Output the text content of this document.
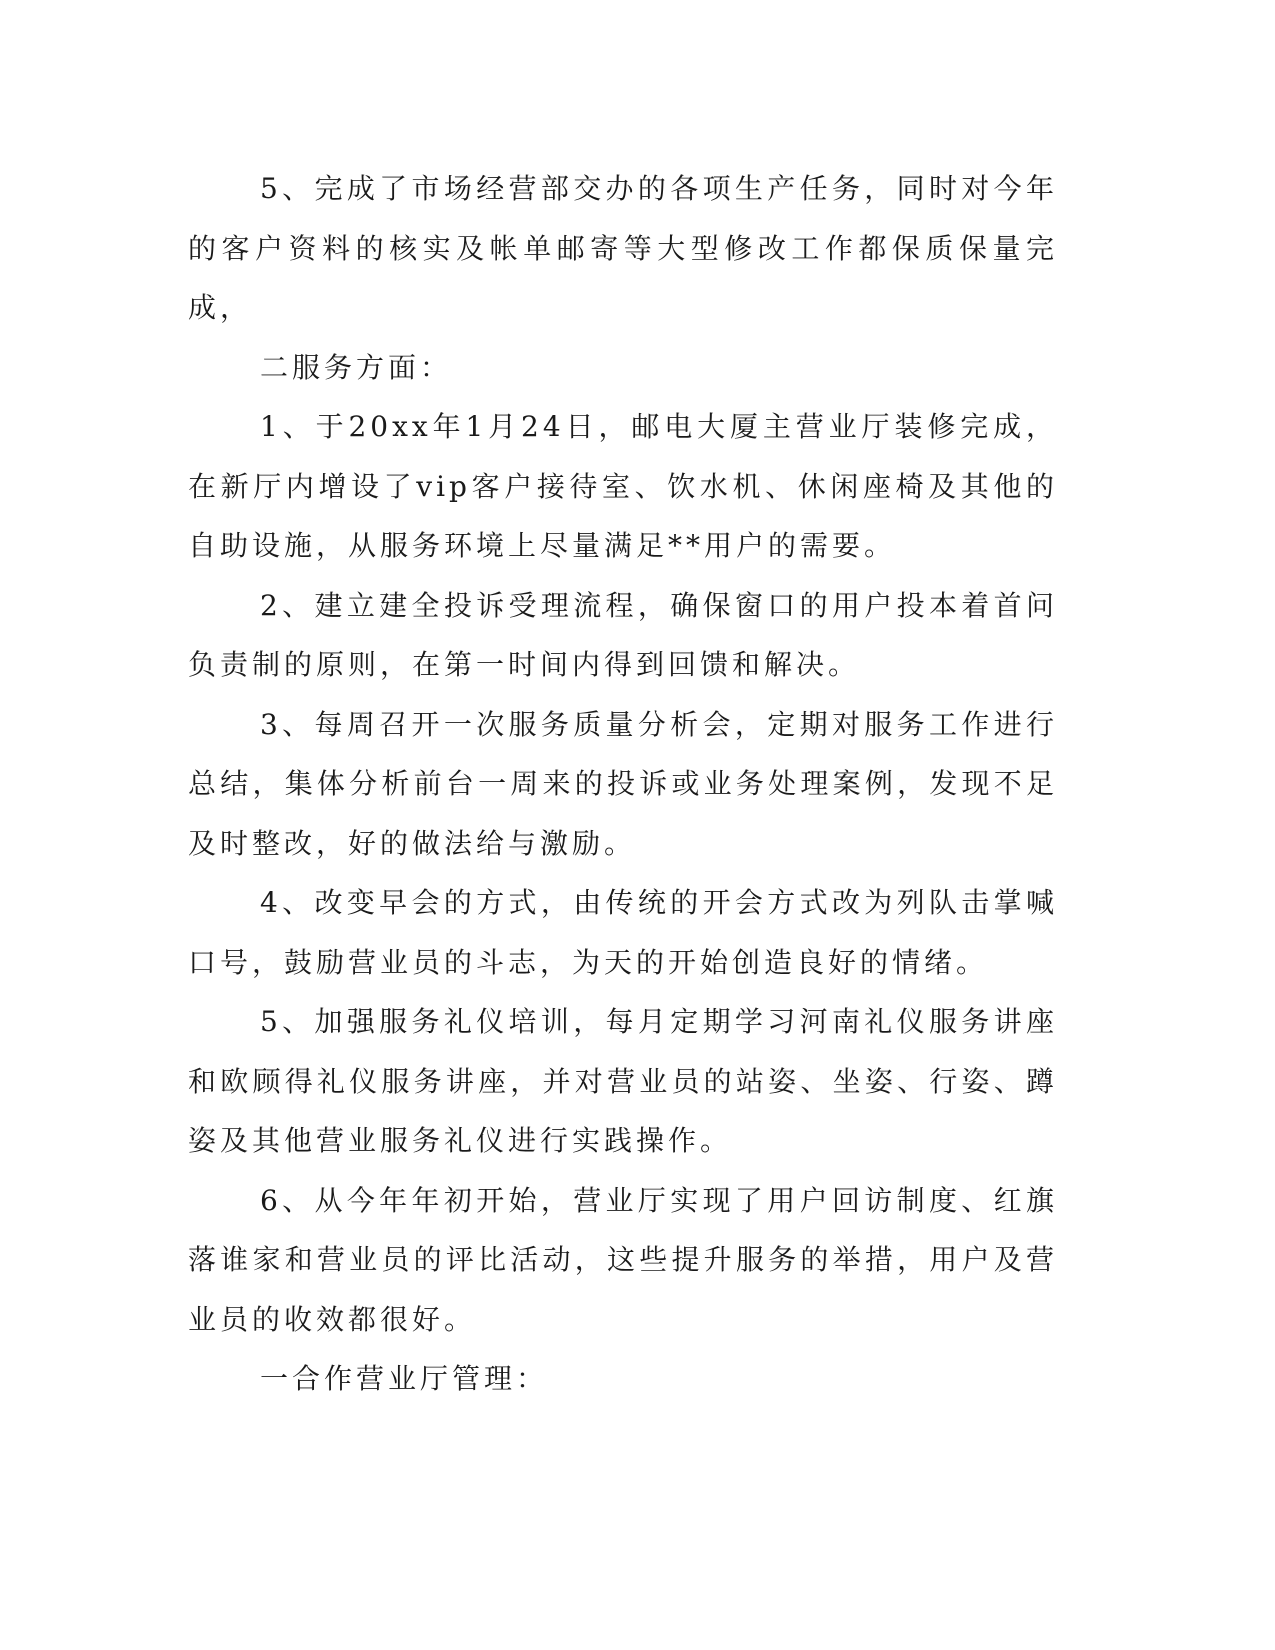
5、完成了市场经营部交办的各项生产任务，同时对今年的客户资料的核实及帐单邮寄等大型修改工作都保质保量完成，

二服务方面：

1、于20xx年1月24日，邮电大厦主营业厅装修完成，在新厅内增设了vip客户接待室、饮水机、休闲座椅及其他的自助设施，从服务环境上尽量满足**用户的需要。

2、建立建全投诉受理流程，确保窗口的用户投本着首问负责制的原则，在第一时间内得到回馈和解决。

3、每周召开一次服务质量分析会，定期对服务工作进行总结，集体分析前台一周来的投诉或业务处理案例，发现不足及时整改，好的做法给与激励。

4、改变早会的方式，由传统的开会方式改为列队击掌喊口号，鼓励营业员的斗志，为天的开始创造良好的情绪。

5、加强服务礼仪培训，每月定期学习河南礼仪服务讲座和欧顾得礼仪服务讲座，并对营业员的站姿、坐姿、行姿、蹲姿及其他营业服务礼仪进行实践操作。

6、从今年年初开始，营业厅实现了用户回访制度、红旗落谁家和营业员的评比活动，这些提升服务的举措，用户及营业员的收效都很好。

一合作营业厅管理：
